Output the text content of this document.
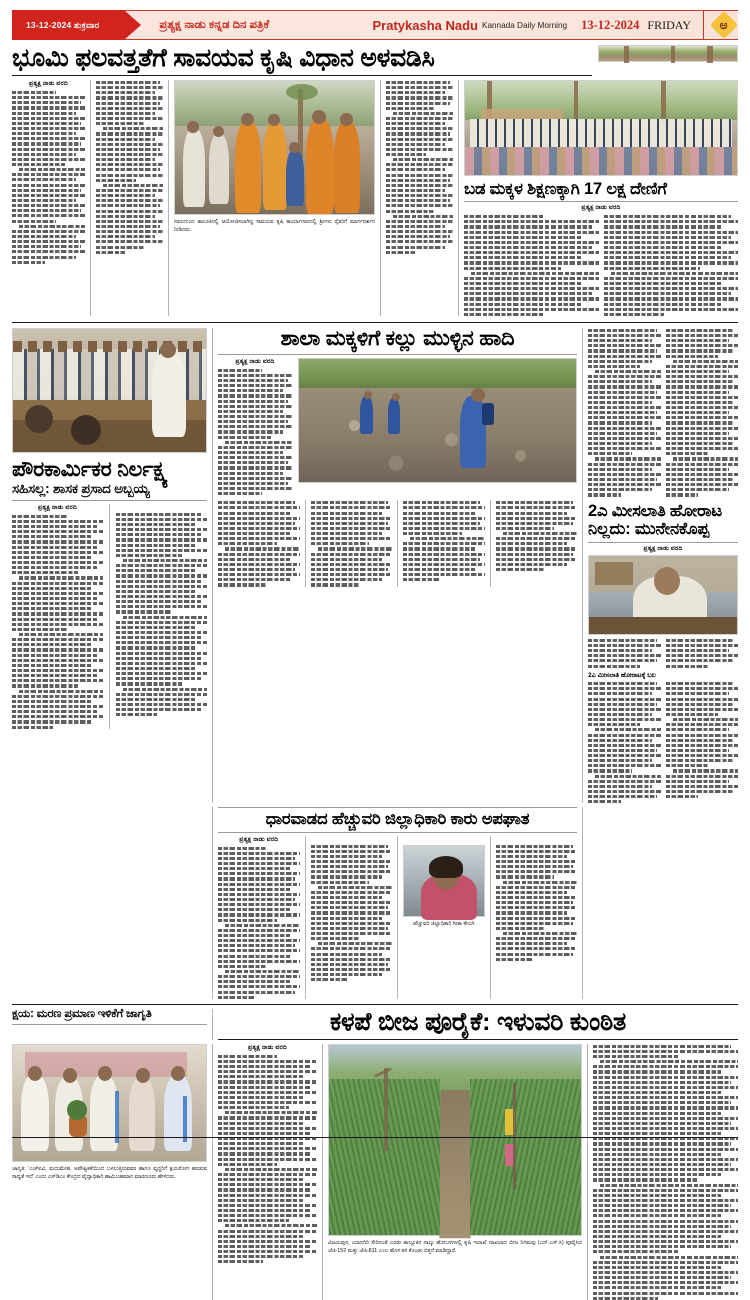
13-12-2024 ಶುಕ್ರವಾರ	ಪ್ರತ್ಯಕ್ಷ ನಾಡು ಕನ್ನಡ ದಿನ ಪತ್ರಿಕೆ	Pratykasha Nadu Kannada Daily Morning 13-12-2024 FRIDAY ಅ
ಭೂಮಿ ಫಲವತ್ತತೆಗೆ ಸಾವಯವ ಕೃಷಿ ವಿಧಾನ ಅಳವಡಿಸಿ
ಪ್ರತ್ಯಕ್ಷ ನಾಡು ವರದಿ
ನವಲಗುಂದ ತಾಲೂಕಿನಲ್ಲಿ ಆಯೋಜಿಸಲಾಗಿದ್ದ ಸಾವಯವ ಕೃಷಿ ಕಾರ್ಯಾಗಾರದಲ್ಲಿ ಶ್ರೀಗಳು ರೈತರಿಗೆ ಮಾರ್ಗದರ್ಶನ ನೀಡಿದರು.
ಬಡ ಮಕ್ಕಳ ಶಿಕ್ಷಣಕ್ಕಾಗಿ 17 ಲಕ್ಷ ದೇಣಿಗೆ
ಪ್ರತ್ಯಕ್ಷ ನಾಡು ವರದಿ
ಪೌರಕಾರ್ಮಿಕರ ನಿರ್ಲಕ್ಷ್ಯ
ಸಹಿಸಲ್ಲ: ಶಾಸಕ ಪ್ರಸಾದ ಅಬ್ಬಯ್ಯ
ಪ್ರತ್ಯಕ್ಷ ನಾಡು ವರದಿ
ಶಾಲಾ ಮಕ್ಕಳಿಗೆ ಕಲ್ಲು ಮುಳ್ಳಿನ ಹಾದಿ
ಪ್ರತ್ಯಕ್ಷ ನಾಡು ವರದಿ
2ಎ ಮೀಸಲಾತಿ ಹೋರಾಟ
ನಿಲ್ಲದು: ಮುನೇನಕೊಪ್ಪ
ಪ್ರತ್ಯಕ್ಷ ನಾಡು ವರದಿ
2ಎ ಮೀಸಲಾತಿ ಹೋರಾಟಕ್ಕೆ ಬಲ
ಧಾರವಾಡದ ಹೆಚ್ಚುವರಿ ಜಿಲ್ಲಾಧಿಕಾರಿ ಕಾರು ಅಪಘಾತ
ಪ್ರತ್ಯಕ್ಷ ನಾಡು ವರದಿ
ಹೆಚ್ಚುವರಿ ಜಿಲ್ಲಾಧಿಕಾರಿ ಗೀತಾ ಕೌಲಗಿ
ಕ್ಷಯ: ಮರಣ ಪ್ರಮಾಣ ಇಳಿಕೆಗೆ ಜಾಗೃತಿ	ಕಳಪೆ ಬೀಜ ಪೂರೈಕೆ: ಇಳುವರಿ ಕುಂಠಿತ
ಜಾಗೃತಿ: 'ಎಚ್‌ಐವಿ, ಮಧುಮೇಹ, ಅಪೌಷ್ಟಿಕತೆಯಿಂದ ಬಳಲುತ್ತಿರುವವರ ಹಾಗೂ ವೃದ್ಧರಿಗೆ ಕ್ಷಯರೋಗ ಹರಡುವ ಸಾಧ್ಯತೆ ಇದೆ' ಎಂದು ಎಸ್‌ಡಿಎಂ ಕೇಂದ್ರದ ವೈದ್ಯಾಧಿಕಾರಿ ಹಾಮಿಬಹಮಾನ ಮಾರಣೂರು ಹೇಳಿದರು.
ಪ್ರತ್ಯಕ್ಷ ನಾಡು ವರದಿ
ವಿಜಯಪುರ, ಯಾದಗಿರಿ ಸೇರಿದಂತೆ ಎರಡು ತಾಲ್ಲೂಕಿನ ನಾಲ್ಕು ಹೋಬಳಿಗಳಲ್ಲಿ ಕೃಷಿ ಇಲಾಖೆ ದಾಖಲಾದ ಬೀಜ ನಿಗಮವು (ಎನ್.ಎಸ್.ಸಿ) ಪೂರೈಸಿದ ಜೆಜಿ-152 ಮತ್ತು ಜೆಜಿ-811 ಎಂಬ ಹೊಸ ತಳಿ ಕೊಂಡು ಬಿತ್ತನೆ ಮಾಡಿದ್ದಾರೆ.
